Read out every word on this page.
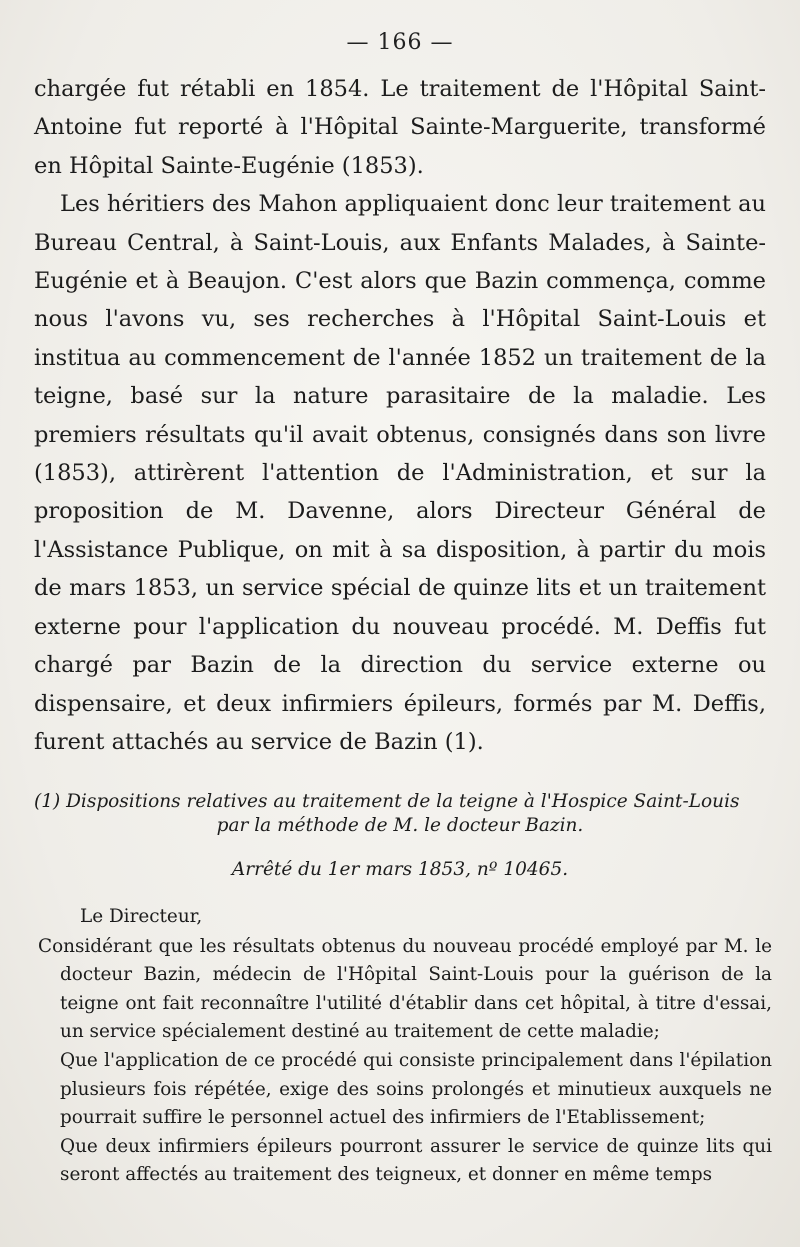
— 166 —

chargée fut rétabli en 1854. Le traitement de l'Hôpital Saint-Antoine fut reporté à l'Hôpital Sainte-Marguerite, transformé en Hôpital Sainte-Eugénie (1853).

Les héritiers des Mahon appliquaient donc leur traitement au Bureau Central, à Saint-Louis, aux Enfants Malades, à Sainte-Eugénie et à Beaujon. C'est alors que Bazin commença, comme nous l'avons vu, ses recherches à l'Hôpital Saint-Louis et institua au commencement de l'année 1852 un traitement de la teigne, basé sur la nature parasitaire de la maladie. Les premiers résultats qu'il avait obtenus, consignés dans son livre (1853), attirèrent l'attention de l'Administration, et sur la proposition de M. Davenne, alors Directeur Général de l'Assistance Publique, on mit à sa disposition, à partir du mois de mars 1853, un service spécial de quinze lits et un traitement externe pour l'application du nouveau procédé. M. Deffis fut chargé par Bazin de la direction du service externe ou dispensaire, et deux infirmiers épileurs, formés par M. Deffis, furent attachés au service de Bazin (1).

(1) Dispositions relatives au traitement de la teigne à l'Hospice Saint-Louis
par la méthode de M. le docteur Bazin.
Arrêté du 1er mars 1853, nº 10465.

Le Directeur,

Considérant que les résultats obtenus du nouveau procédé employé par M. le docteur Bazin, médecin de l'Hôpital Saint-Louis pour la guérison de la teigne ont fait reconnaître l'utilité d'établir dans cet hôpital, à titre d'essai, un service spécialement destiné au traitement de cette maladie;

Que l'application de ce procédé qui consiste principalement dans l'épilation plusieurs fois répétée, exige des soins prolongés et minutieux auxquels ne pourrait suffire le personnel actuel des infirmiers de l'Etablissement;

Que deux infirmiers épileurs pourront assurer le service de quinze lits qui seront affectés au traitement des teigneux, et donner en même temps
